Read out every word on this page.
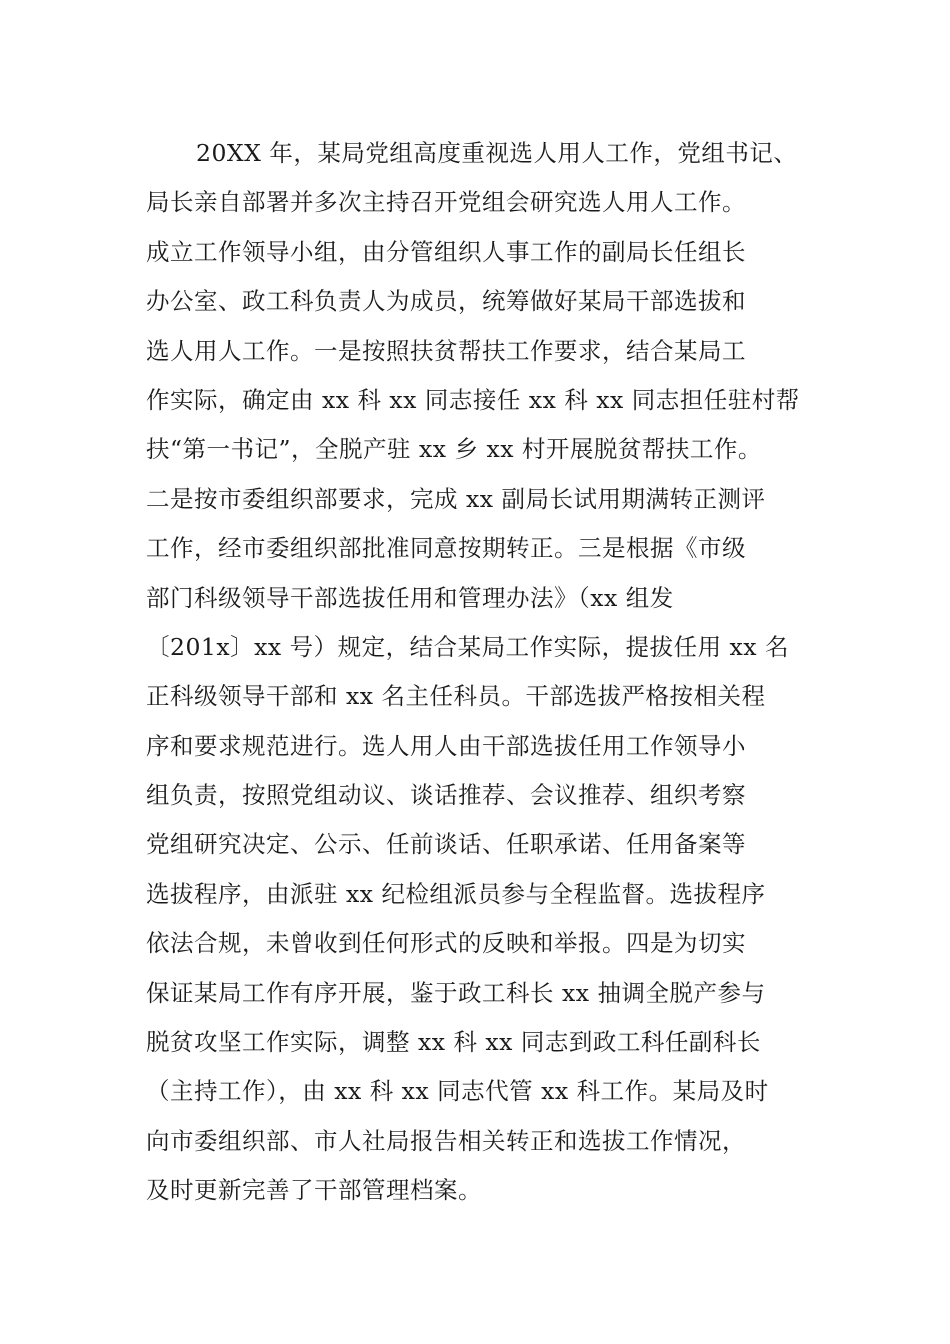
20XX 年，某局党组高度重视选人用人工作，党组书记、
局长亲自部署并多次主持召开党组会研究选人用人工作。
成立工作领导小组，由分管组织人事工作的副局长任组长
办公室、政工科负责人为成员，统筹做好某局干部选拔和
选人用人工作。一是按照扶贫帮扶工作要求，结合某局工
作实际，确定由 xx 科 xx 同志接任 xx 科 xx 同志担任驻村帮
扶“第一书记”，全脱产驻 xx 乡 xx 村开展脱贫帮扶工作。
二是按市委组织部要求，完成 xx 副局长试用期满转正测评
工作，经市委组织部批准同意按期转正。三是根据《市级
部门科级领导干部选拔任用和管理办法》（xx 组发
〔201x〕xx 号）规定，结合某局工作实际，提拔任用 xx 名
正科级领导干部和 xx 名主任科员。干部选拔严格按相关程
序和要求规范进行。选人用人由干部选拔任用工作领导小
组负责，按照党组动议、谈话推荐、会议推荐、组织考察
党组研究决定、公示、任前谈话、任职承诺、任用备案等
选拔程序，由派驻 xx 纪检组派员参与全程监督。选拔程序
依法合规，未曾收到任何形式的反映和举报。四是为切实
保证某局工作有序开展，鉴于政工科长 xx 抽调全脱产参与
脱贫攻坚工作实际，调整 xx 科 xx 同志到政工科任副科长
（主持工作），由 xx 科 xx 同志代管 xx 科工作。某局及时
向市委组织部、市人社局报告相关转正和选拔工作情况，
及时更新完善了干部管理档案。
